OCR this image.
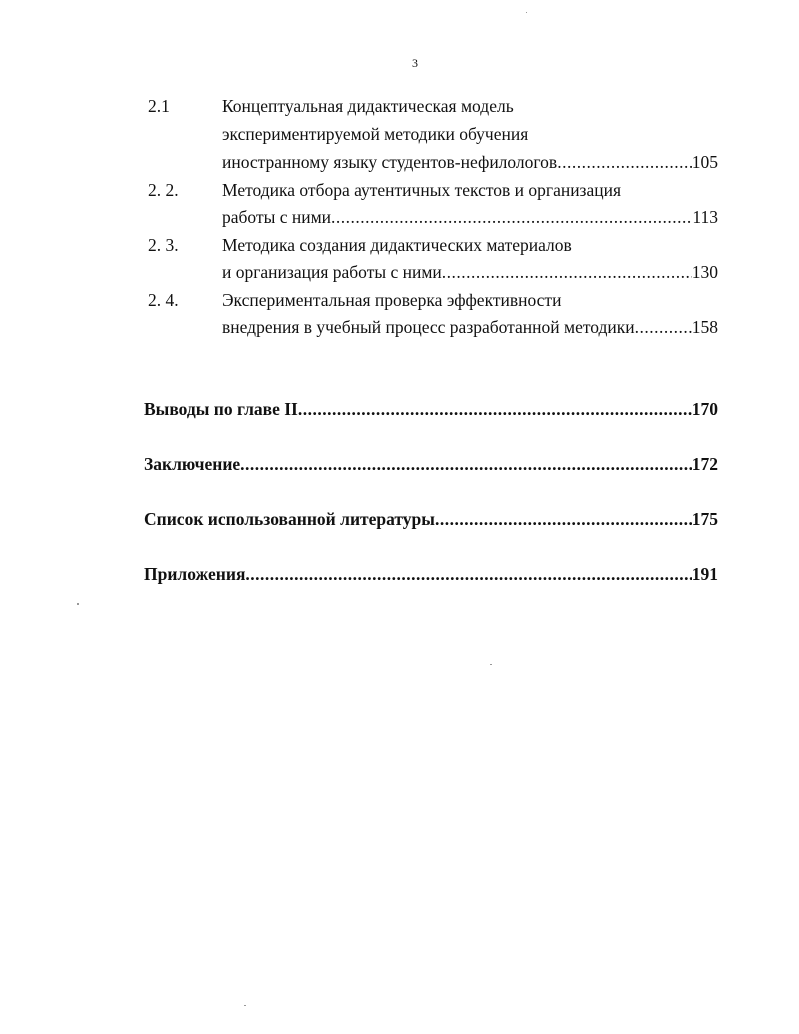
3
2.1	Концептуальная дидактическая модель
экспериментируемой методики обучения
иностранному языку студентов-нефилологов .....	105
2. 2. Методика отбора аутентичных текстов и организация
работы с ними .....	113
2. 3. Методика создания дидактических материалов
и организация работы с ними .....	130
2. 4. Экспериментальная проверка эффективности
внедрения в учебный процесс разработанной методики .....	158
Выводы по главе II .....	170
Заключение .....	172
Список использованной литературы .....	175
Приложения .....	191
